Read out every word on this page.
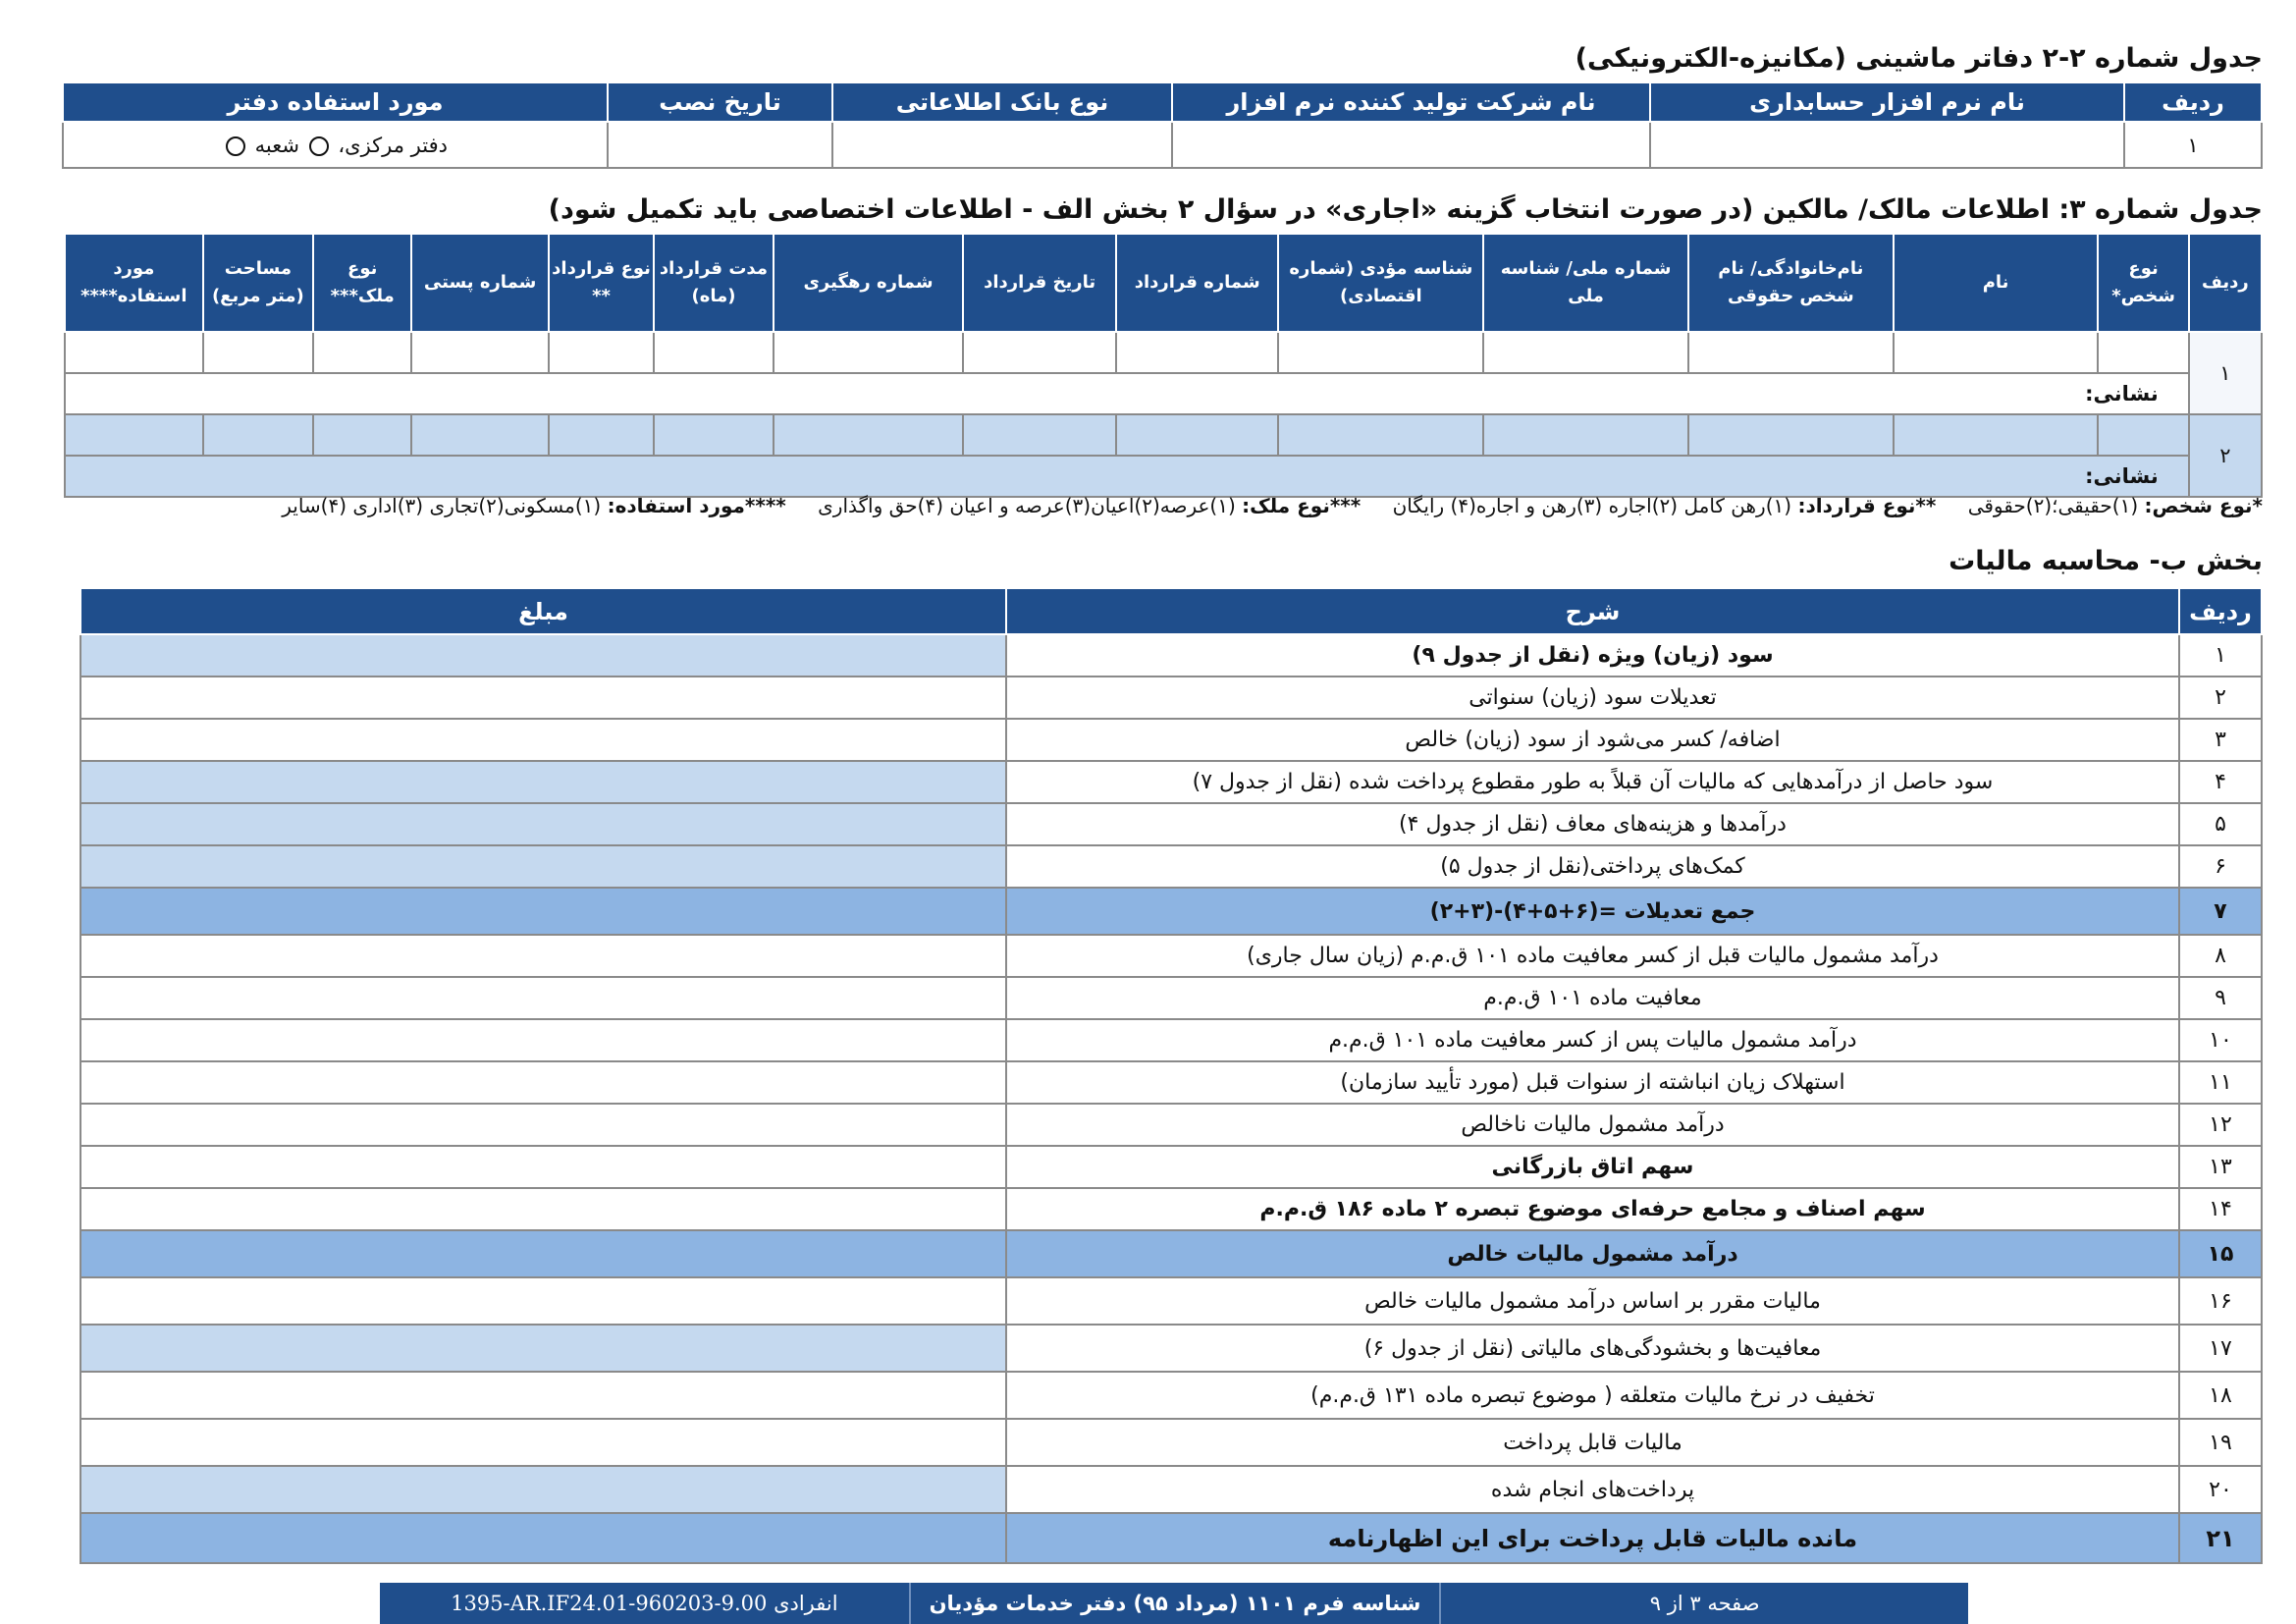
جدول شماره ۲-۲ دفاتر ماشینی (مکانیزه-الکترونیکی)
ردیف	نام نرم افزار حسابداری	نام شرکت تولید کننده نرم افزار	نوع بانک اطلاعاتی	تاریخ نصب	مورد استفاده دفتر
۱					دفتر مرکزی،  شعبه
جدول شماره ۳: اطلاعات مالک/ مالکین (در صورت انتخاب گزینه «اجاری» در سؤال ۲ بخش الف - اطلاعات اختصاصی باید تکمیل شود)
ردیف	نوع شخص*	نام	نام‌خانوادگی/ نام شخص حقوقی	شماره ملی/ شناسه ملی	شناسه مؤدی (شماره اقتصادی)	شماره قرارداد	تاریخ قرارداد	شماره رهگیری	مدت قرارداد (ماه)	نوع قرارداد **	شماره پستی	نوع ملک***	مساحت (متر مربع)	مورد استفاده****
۱														
	نشانی:													
۲														
	نشانی:													
*نوع شخص: (۱)حقیقی؛(۲)حقوقی **نوع قرارداد: (۱)رهن کامل (۲)اجاره (۳)رهن و اجاره(۴) رایگان ***نوع ملک: (۱)عرصه(۲)اعیان(۳)عرصه و اعیان (۴)حق واگذاری ****مورد استفاده: (۱)مسکونی(۲)تجاری (۳)اداری (۴)سایر
بخش ب- محاسبه مالیات
ردیف	شرح	مبلغ
۱	سود (زیان) ویژه (نقل از جدول ۹)	
۲	تعدیلات سود (زیان) سنواتی	
۳	اضافه/ کسر می‌شود از سود (زیان) خالص	
۴	سود حاصل از درآمدهایی که مالیات آن قبلاً به طور مقطوع پرداخت شده (نقل از جدول ۷)	
۵	درآمدها و هزینه‌های معاف (نقل از جدول ۴)	
۶	کمک‌های پرداختی(نقل از جدول ۵)	
۷	جمع تعدیلات =(۶+۵+۴)-(۳+۲)	
۸	درآمد مشمول مالیات قبل از کسر معافیت ماده ۱۰۱ ق.م.م (زیان سال جاری)	
۹	معافیت ماده ۱۰۱ ق.م.م	
۱۰	درآمد مشمول مالیات پس از کسر معافیت ماده ۱۰۱ ق.م.م	
۱۱	استهلاک زیان انباشته از سنوات قبل (مورد تأیید سازمان)	
۱۲	درآمد مشمول مالیات ناخالص	
۱۳	سهم اتاق بازرگانی	
۱۴	سهم اصناف و مجامع حرفه‌ای موضوع تبصره ۲ ماده ۱۸۶ ق.م.م	
۱۵	درآمد مشمول مالیات خالص	
۱۶	مالیات مقرر بر اساس درآمد مشمول مالیات خالص	
۱۷	معافیت‌ها و بخشودگی‌های مالیاتی (نقل از جدول ۶)	
۱۸	تخفیف در نرخ مالیات متعلقه ( موضوع تبصره ماده ۱۳۱ ق.م.م)	
۱۹	مالیات قابل پرداخت	
۲۰	پرداخت‌های انجام شده	
۲۱	مانده مالیات قابل پرداخت برای این اظهارنامه	
1395-AR.IF24.01-960203-9.00
انفرادی	شناسه فرم ۱۱۰۱ (مرداد ۹۵) دفتر خدمات مؤدیان	صفحه ۳ از ۹
